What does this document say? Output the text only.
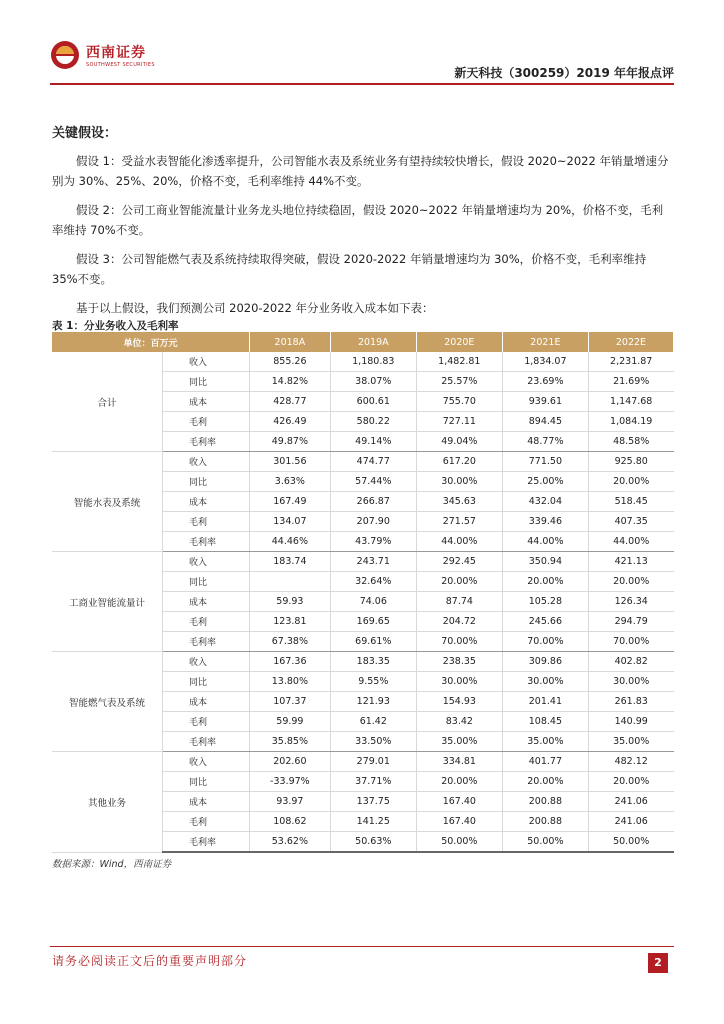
西南证券
SOUTHWEST SECURITIES
新天科技（300259）2019 年年报点评
关键假设：

假设 1：受益水表智能化渗透率提升，公司智能水表及系统业务有望持续较快增长，假设 2020~2022 年销量增速分别为 30%、25%、20%，价格不变，毛利率维持 44%不变。

假设 2：公司工商业智能流量计业务龙头地位持续稳固，假设 2020~2022 年销量增速均为 20%，价格不变，毛利率维持 70%不变。

假设 3：公司智能燃气表及系统持续取得突破，假设 2020-2022 年销量增速均为 30%，价格不变，毛利率维持 35%不变。

基于以上假设，我们预测公司 2020-2022 年分业务收入成本如下表：

表 1：分业务收入及毛利率
单位：百万元		2018A	2019A	2020E	2021E	2022E
合计	收入	855.26	1,180.83	1,482.81	1,834.07	2,231.87
	同比	14.82%	38.07%	25.57%	23.69%	21.69%
	成本	428.77	600.61	755.70	939.61	1,147.68
	毛利	426.49	580.22	727.11	894.45	1,084.19
	毛利率	49.87%	49.14%	49.04%	48.77%	48.58%
智能水表及系统	收入	301.56	474.77	617.20	771.50	925.80
	同比	3.63%	57.44%	30.00%	25.00%	20.00%
	成本	167.49	266.87	345.63	432.04	518.45
	毛利	134.07	207.90	271.57	339.46	407.35
	毛利率	44.46%	43.79%	44.00%	44.00%	44.00%
工商业智能流量计	收入	183.74	243.71	292.45	350.94	421.13
	同比		32.64%	20.00%	20.00%	20.00%
	成本	59.93	74.06	87.74	105.28	126.34
	毛利	123.81	169.65	204.72	245.66	294.79
	毛利率	67.38%	69.61%	70.00%	70.00%	70.00%
智能燃气表及系统	收入	167.36	183.35	238.35	309.86	402.82
	同比	13.80%	9.55%	30.00%	30.00%	30.00%
	成本	107.37	121.93	154.93	201.41	261.83
	毛利	59.99	61.42	83.42	108.45	140.99
	毛利率	35.85%	33.50%	35.00%	35.00%	35.00%
其他业务	收入	202.60	279.01	334.81	401.77	482.12
	同比	-33.97%	37.71%	20.00%	20.00%	20.00%
	成本	93.97	137.75	167.40	200.88	241.06
	毛利	108.62	141.25	167.40	200.88	241.06
	毛利率	53.62%	50.63%	50.00%	50.00%	50.00%
数据来源：Wind，西南证券
请务必阅读正文后的重要声明部分	2
